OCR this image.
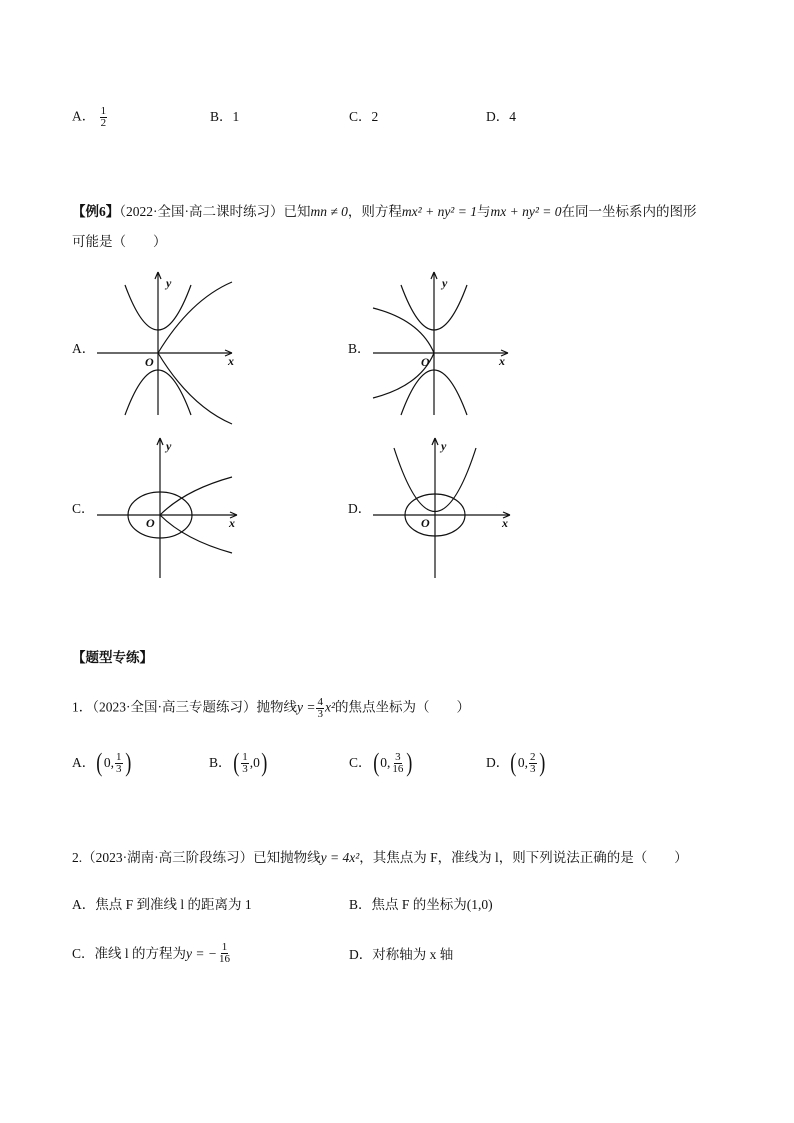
A． $\frac{1}{2}$	B．1	C．2	D．4
【例6】（2022·全国·高二课时练习）已知mn ≠ 0，则方程mx² + ny² = 1与mx + ny² = 0在同一坐标系内的图形
可能是（　　）
A．	B．
C．	D．
y
x
O
y
x
O
y
x
O
y
x
O
【题型专练】
1．（2023·全国·高三专题练习）抛物线$y = \frac{4}{3} x^2$的焦点坐标为（　　）
A． ( 0 , $\frac{1}{3}$ )	B． ( $\frac{1}{3}$ , 0 )	C． ( 0 , $\frac{3}{16}$ )	D． ( 0 , $\frac{2}{3}$ )
2.（2023·湖南·高三阶段练习）已知抛物线y = 4x²，其焦点为 F，准线为 l，则下列说法正确的是（　　）
A．焦点 F 到准线 l 的距离为 1	B．焦点 F 的坐标为(1,0)
C．准线 l 的方程为 y = − $\frac{1}{16}$	D．对称轴为 x 轴
